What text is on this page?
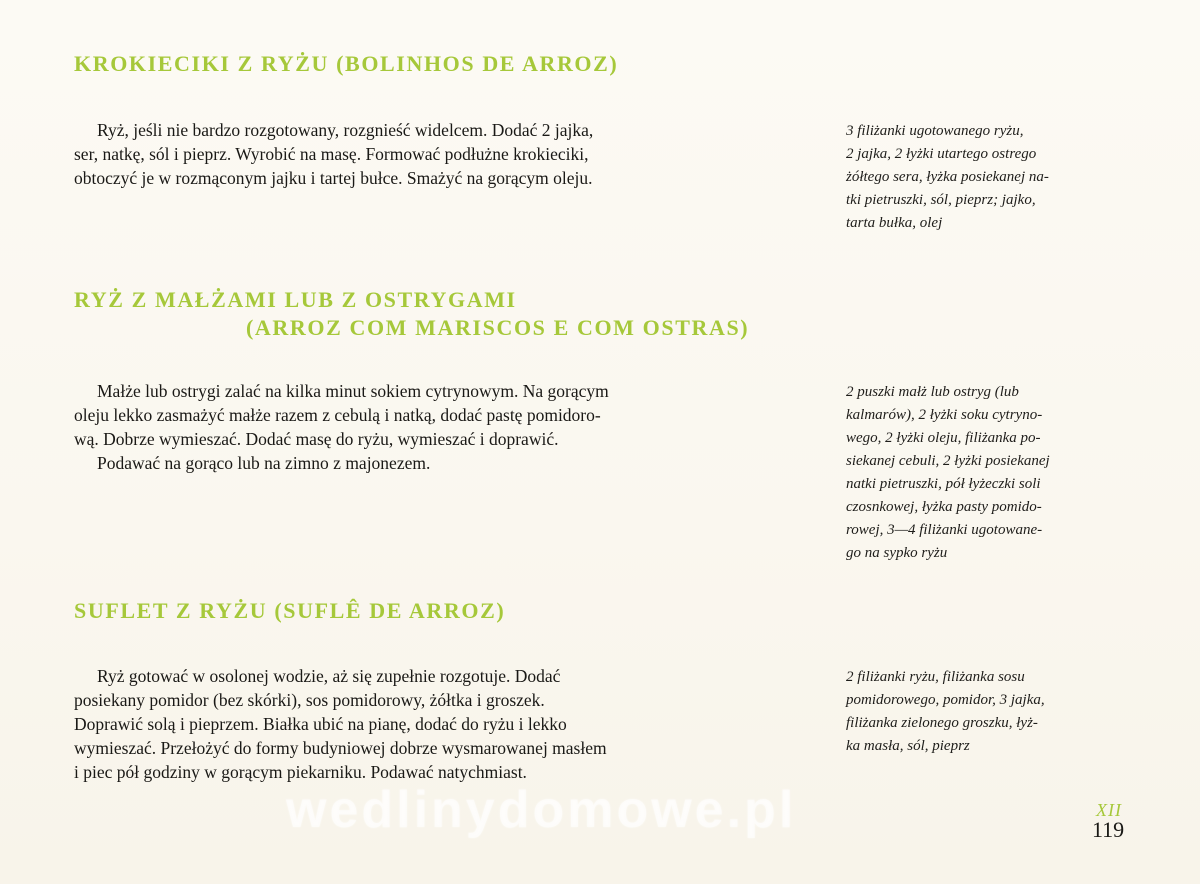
KROKIECIKI Z RYŻU (BOLINHOS DE ARROZ)
Ryż, jeśli nie bardzo rozgotowany, rozgnieść widelcem. Dodać 2 jajka,
ser, natkę, sól i pieprz. Wyrobić na masę. Formować podłużne krokieciki,
obtoczyć je w rozmąconym jajku i tartej bułce. Smażyć na gorącym oleju.
3 filiżanki ugotowanego ryżu,
2 jajka, 2 łyżki utartego ostrego
żółtego sera, łyżka posiekanej na-
tki pietruszki, sól, pieprz; jajko,
tarta bułka, olej
RYŻ Z MAŁŻAMI LUB Z OSTRYGAMI
(ARROZ COM MARISCOS E COM OSTRAS)
Małże lub ostrygi zalać na kilka minut sokiem cytrynowym. Na gorącym
oleju lekko zasmażyć małże razem z cebulą i natką, dodać pastę pomidoro-
wą. Dobrze wymieszać. Dodać masę do ryżu, wymieszać i doprawić.
Podawać na gorąco lub na zimno z majonezem.
2 puszki małż lub ostryg (lub
kalmarów), 2 łyżki soku cytryno-
wego, 2 łyżki oleju, filiżanka po-
siekanej cebuli, 2 łyżki posiekanej
natki pietruszki, pół łyżeczki soli
czosnkowej, łyżka pasty pomido-
rowej, 3—4 filiżanki ugotowane-
go na sypko ryżu
SUFLET Z RYŻU (SUFLÊ DE ARROZ)
Ryż gotować w osolonej wodzie, aż się zupełnie rozgotuje. Dodać
posiekany pomidor (bez skórki), sos pomidorowy, żółtka i groszek.
Doprawić solą i pieprzem. Białka ubić na pianę, dodać do ryżu i lekko
wymieszać. Przełożyć do formy budyniowej dobrze wysmarowanej masłem
i piec pół godziny w gorącym piekarniku. Podawać natychmiast.
2 filiżanki ryżu, filiżanka sosu
pomidorowego, pomidor, 3 jajka,
filiżanka zielonego groszku, łyż-
ka masła, sól, pieprz
wedlinydomowe.pl	XII
119
